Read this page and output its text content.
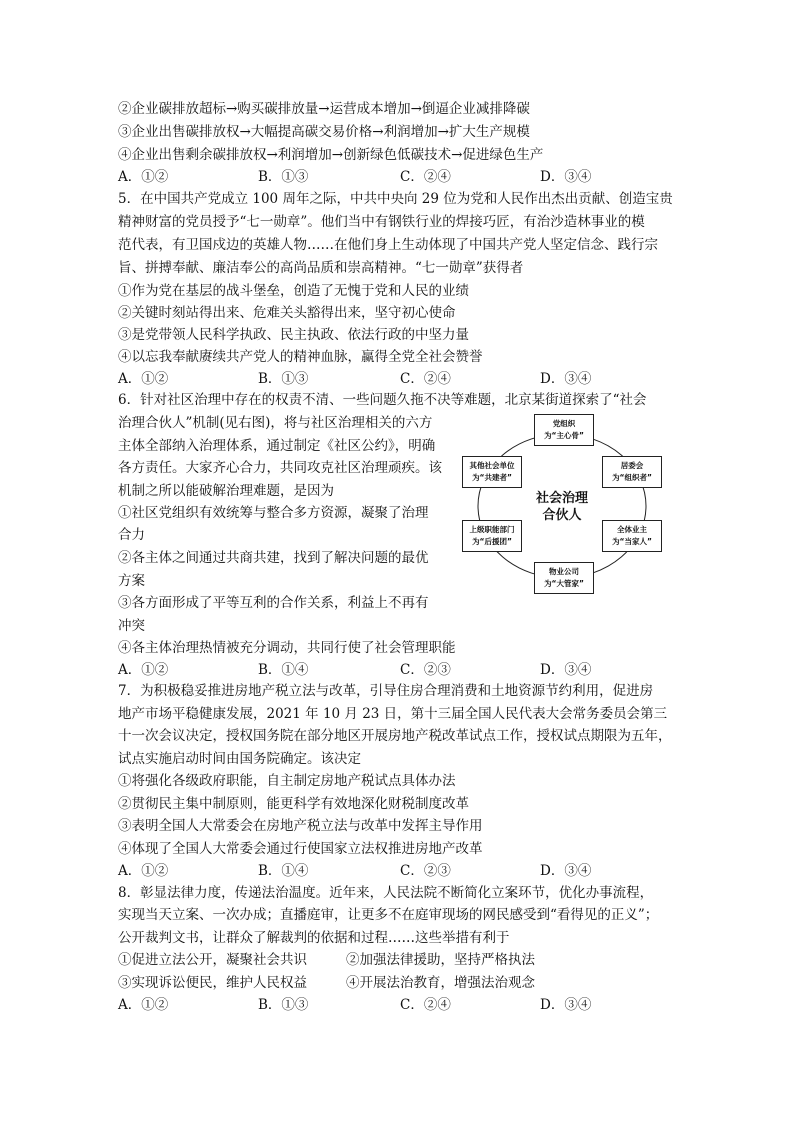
②企业碳排放超标→购买碳排放量→运营成本增加→倒逼企业减排降碳
③企业出售碳排放权→大幅提高碳交易价格→利润增加→扩大生产规模
④企业出售剩余碳排放权→利润增加→创新绿色低碳技术→促进绿色生产
A．①②	B．①③	C．②④	D．③④
5．在中国共产党成立 100 周年之际，中共中央向 29 位为党和人民作出杰出贡献、创造宝贵
精神财富的党员授予“七一勋章”。他们当中有钢铁行业的焊接巧匠，有治沙造林事业的模
范代表，有卫国戍边的英雄人物……在他们身上生动体现了中国共产党人坚定信念、践行宗
旨、拼搏奉献、廉洁奉公的高尚品质和崇高精神。“七一勋章”获得者
①作为党在基层的战斗堡垒，创造了无愧于党和人民的业绩
②关键时刻站得出来、危难关头豁得出来，坚守初心使命
③是党带领人民科学执政、民主执政、依法行政的中坚力量
④以忘我奉献赓续共产党人的精神血脉，赢得全党全社会赞誉
A．①②	B．①③	C．②④	D．③④
6．针对社区治理中存在的权责不清、一些问题久拖不决等难题，北京某街道探索了“社会
治理合伙人”机制(见右图)，将与社区治理相关的六方
主体全部纳入治理体系，通过制定《社区公约》，明确
各方责任。大家齐心合力，共同攻克社区治理顽疾。该
机制之所以能破解治理难题，是因为
①社区党组织有效统筹与整合多方资源，凝聚了治理
合力
②各主体之间通过共商共建，找到了解决问题的最优
方案
③各方面形成了平等互利的合作关系，利益上不再有
冲突
④各主体治理热情被充分调动，共同行使了社会管理职能
A．①②	B．①④	C．②③	D．③④
社会治理
合伙人
党组织
为“主心骨”
居委会
为“组织者”
全体业主
为“当家人”
物业公司
为“大管家”
上级职能部门
为“后援团”
其他社会单位
为“共建者”
7．为积极稳妥推进房地产税立法与改革，引导住房合理消费和土地资源节约利用，促进房
地产市场平稳健康发展，2021 年 10 月 23 日，第十三届全国人民代表大会常务委员会第三
十一次会议决定，授权国务院在部分地区开展房地产税改革试点工作，授权试点期限为五年，
试点实施启动时间由国务院确定。该决定
①将强化各级政府职能，自主制定房地产税试点具体办法
②贯彻民主集中制原则，能更科学有效地深化财税制度改革
③表明全国人大常委会在房地产税立法与改革中发挥主导作用
④体现了全国人大常委会通过行使国家立法权推进房地产改革
A．①②	B．①④	C．②③	D．③④
8．彰显法律力度，传递法治温度。近年来，人民法院不断简化立案环节，优化办事流程，
实现当天立案、一次办成；直播庭审，让更多不在庭审现场的网民感受到“看得见的正义”；
公开裁判文书，让群众了解裁判的依据和过程……这些举措有利于
①促进立法公开，凝聚社会共识	②加强法律援助，坚持严格执法
③实现诉讼便民，维护人民权益	④开展法治教育，增强法治观念
A．①②	B．①③	C．②④	D．③④
